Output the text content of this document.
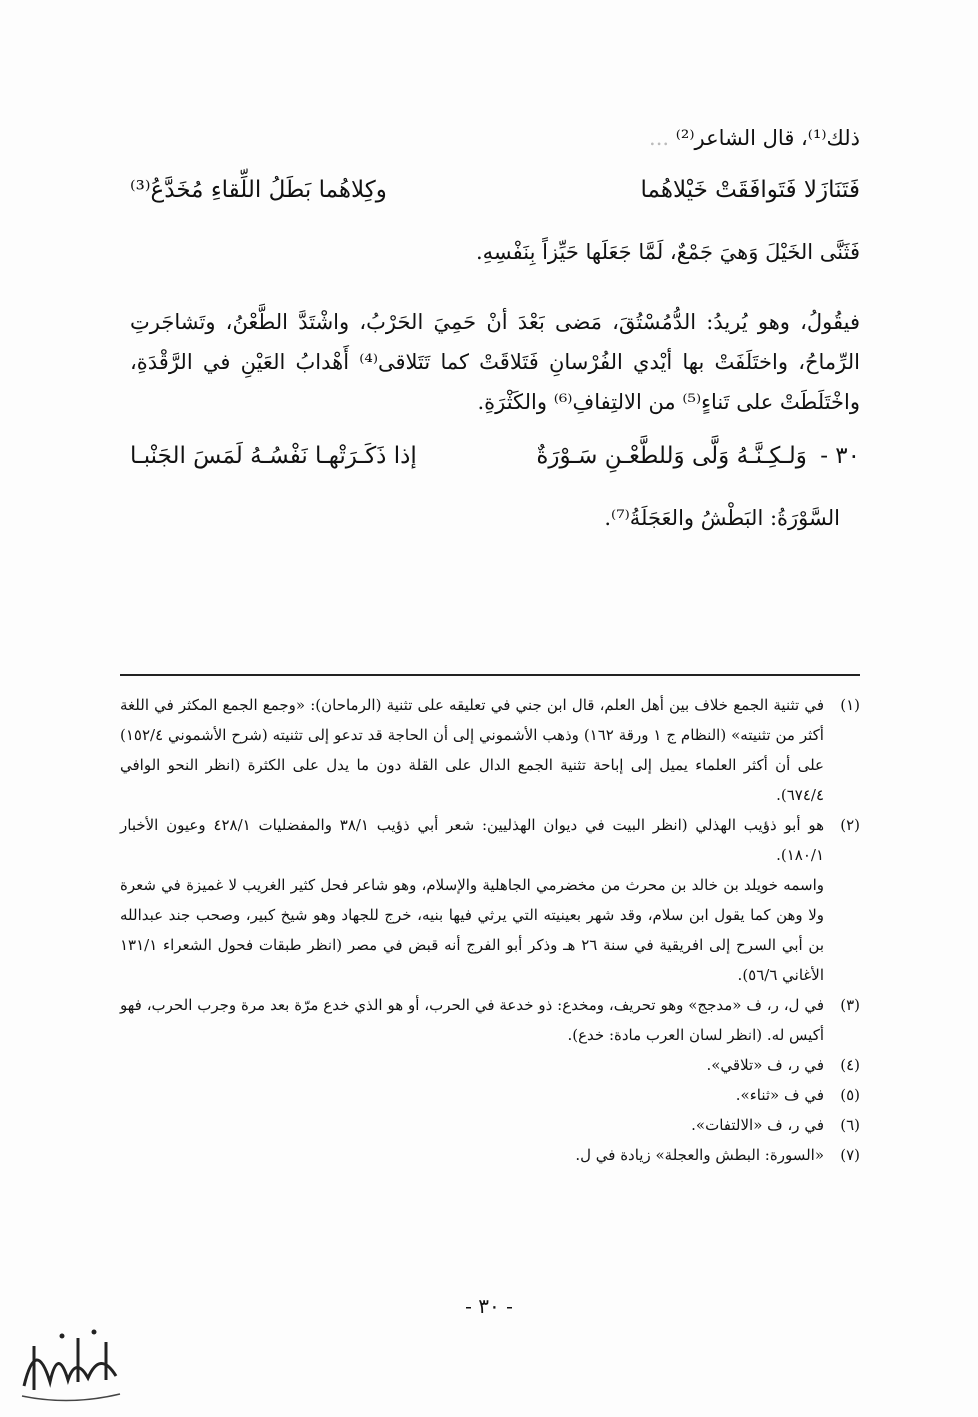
ذلك⁽¹⁾، قال الشاعر⁽²⁾ ...

فَتَنَازَلا فَتَوافَقَتْ خَيْلاهُما
وكِلاهُما بَطَلُ اللِّقاءِ مُخَدَّعُ⁽³⁾

فَثَنَّى الخَيْلَ وَهيَ جَمْعٌ، لَمَّا جَعَلَها حَيِّزاً بِنَفْسِهِ.

فيقُولُ، وهو يُريدُ: الدُّمُسْتُقَ، مَضى بَعْدَ أنْ حَمِيَ الحَرْبُ، واشْتَدَّ الطَّعْنُ، وتَشاجَرتِ الرِّماحُ، واختَلَفَتْ بها أيْدي الفُرْسانِ فَتَلاقَتْ كما تَتَلاقى⁽⁴⁾ أَهْدابُ العَيْنِ في الرَّقْدَةِ، واخْتَلَطَتْ على تَناءٍ⁽⁵⁾ من الالتِفافِ⁽⁶⁾ والكَثْرَةِ.

٣٠ - وَلـكِـنَّـهُ وَلَّى وَللطَّعْـنِ سَـوْرَةٌ
إذا ذَكَـرَتْهـا نَفْسُـهُ لَمَسَ الجَنْبـا

السَّوْرَةُ: البَطْشُ والعَجَلَةُ⁽⁷⁾.

(١)
في تثنية الجمع خلاف بين أهل العلم، قال ابن جني في تعليقه على تثنية (الرماحان): «وجمع الجمع المكثر في اللغة أكثر من تثنيته» (النظام ج ١ ورقة ١٦٢) وذهب الأشموني إلى أن الحاجة قد تدعو إلى تثنيته (شرح الأشموني ١٥٢/٤) على أن أكثر العلماء يميل إلى إباحة تثنية الجمع الدال على القلة دون ما يدل على الكثرة (انظر النحو الوافي ٦٧٤/٤).
(٢)
هو أبو ذؤيب الهذلي (انظر البيت في ديوان الهذليين: شعر أبي ذؤيب ٣٨/١ والمفضليات ٤٢٨/١ وعيون الأخبار ١٨٠/١).
واسمه خويلد بن خالد بن محرث من مخضرمي الجاهلية والإسلام، وهو شاعر فحل كثير الغريب لا غميزة في شعرة ولا وهن كما يقول ابن سلام، وقد شهر بعينيته التي يرثي فيها بنيه، خرج للجهاد وهو شيخ كبير، وصحب جند عبدالله بن أبي السرح إلى افريقية في سنة ٢٦ هـ وذكر أبو الفرج أنه قبض في مصر (انظر طبقات فحول الشعراء ١٣١/١ الأغاني ٥٦/٦).
(٣)
في ل، ر، ف «مدجج» وهو تحريف، ومخدع: ذو خدعة في الحرب، أو هو الذي خدع مرّة بعد مرة وجرب الحرب، فهو أكيس له. (انظر لسان العرب مادة: خدع).
(٤)
في ر، ف «تلاقي».
(٥)
في ف «ثناء».
(٦)
في ر، ف «الالتفات».
(٧)
«السورة: البطش والعجلة» زيادة في ل.
- ٣٠ -
